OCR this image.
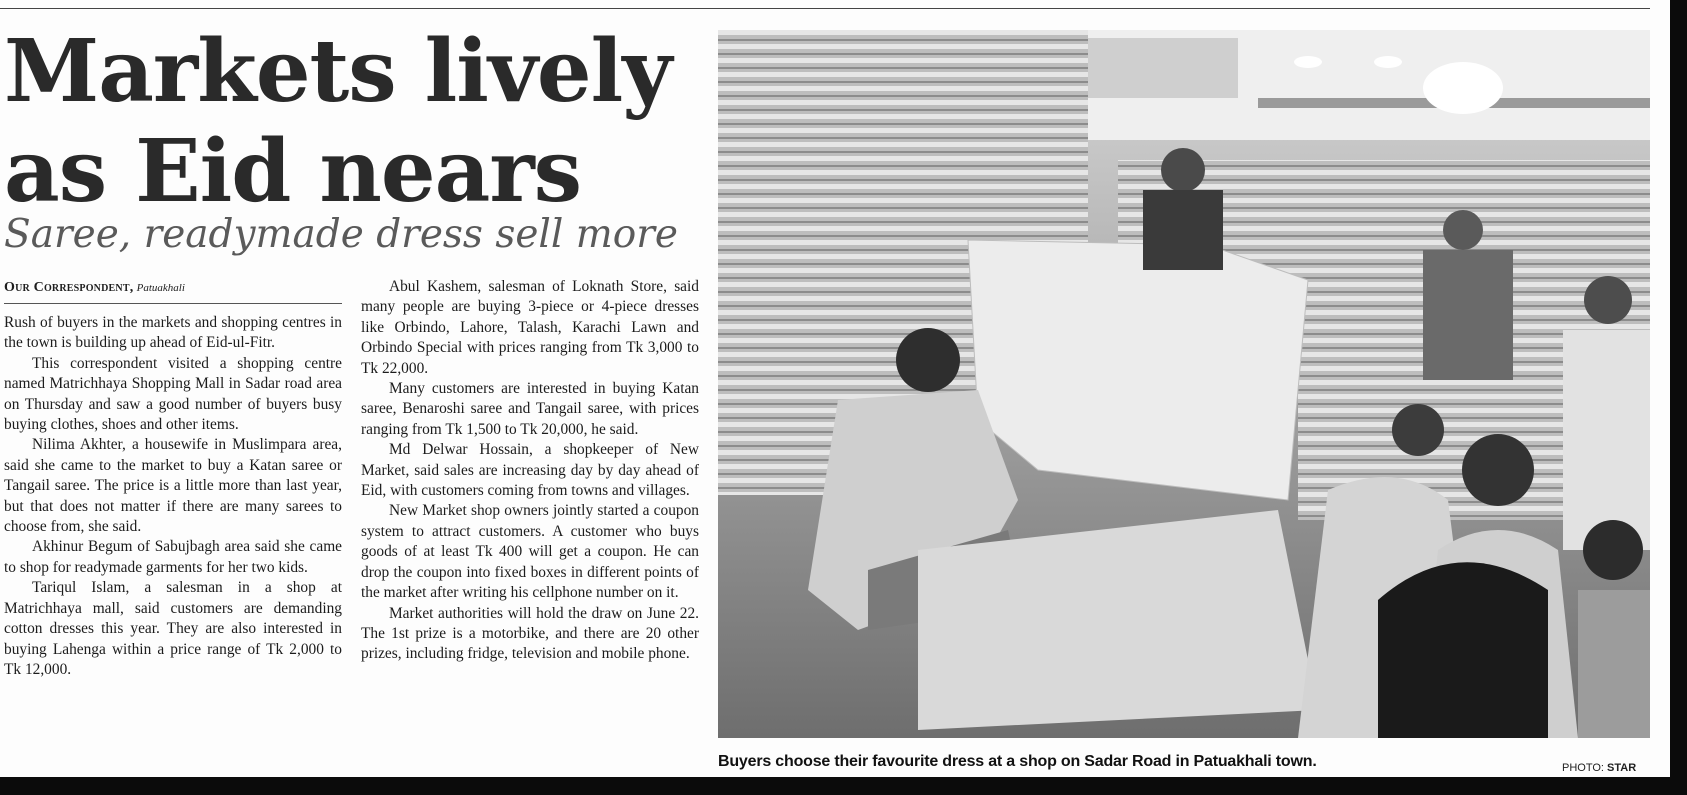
Markets lively as Eid nears
Saree, readymade dress sell more
Our Correspondent, Patuakhali

Rush of buyers in the markets and shopping centres in the town is building up ahead of Eid-ul-Fitr.

This correspondent visited a shopping centre named Matrichhaya Shopping Mall in Sadar road area on Thursday and saw a good number of buyers busy buying clothes, shoes and other items.

Nilima Akhter, a housewife in Muslimpara area, said she came to the market to buy a Katan saree or Tangail saree. The price is a little more than last year, but that does not matter if there are many sarees to choose from, she said.

Akhinur Begum of Sabujbagh area said she came to shop for readymade garments for her two kids.

Tariqul Islam, a salesman in a shop at Matrichhaya mall, said customers are demanding cotton dresses this year. They are also interested in buying Lahenga within a price range of Tk 2,000 to Tk 12,000.

Abul Kashem, salesman of Loknath Store, said many people are buying 3-piece or 4-piece dresses like Orbindo, Lahore, Talash, Karachi Lawn and Orbindo Special with prices ranging from Tk 3,000 to Tk 22,000.

Many customers are interested in buying Katan saree, Benaroshi saree and Tangail saree, with prices ranging from Tk 1,500 to Tk 20,000, he said.

Md Delwar Hossain, a shopkeeper of New Market, said sales are increasing day by day ahead of Eid, with customers coming from towns and villages.

New Market shop owners jointly started a coupon system to attract customers. A customer who buys goods of at least Tk 400 will get a coupon. He can drop the coupon into fixed boxes in different points of the market after writing his cellphone number on it.

Market authorities will hold the draw on June 22. The 1st prize is a motorbike, and there are 20 other prizes, including fridge, television and mobile phone.

Buyers choose their favourite dress at a shop on Sadar Road in Patuakhali town.	PHOTO: STAR
